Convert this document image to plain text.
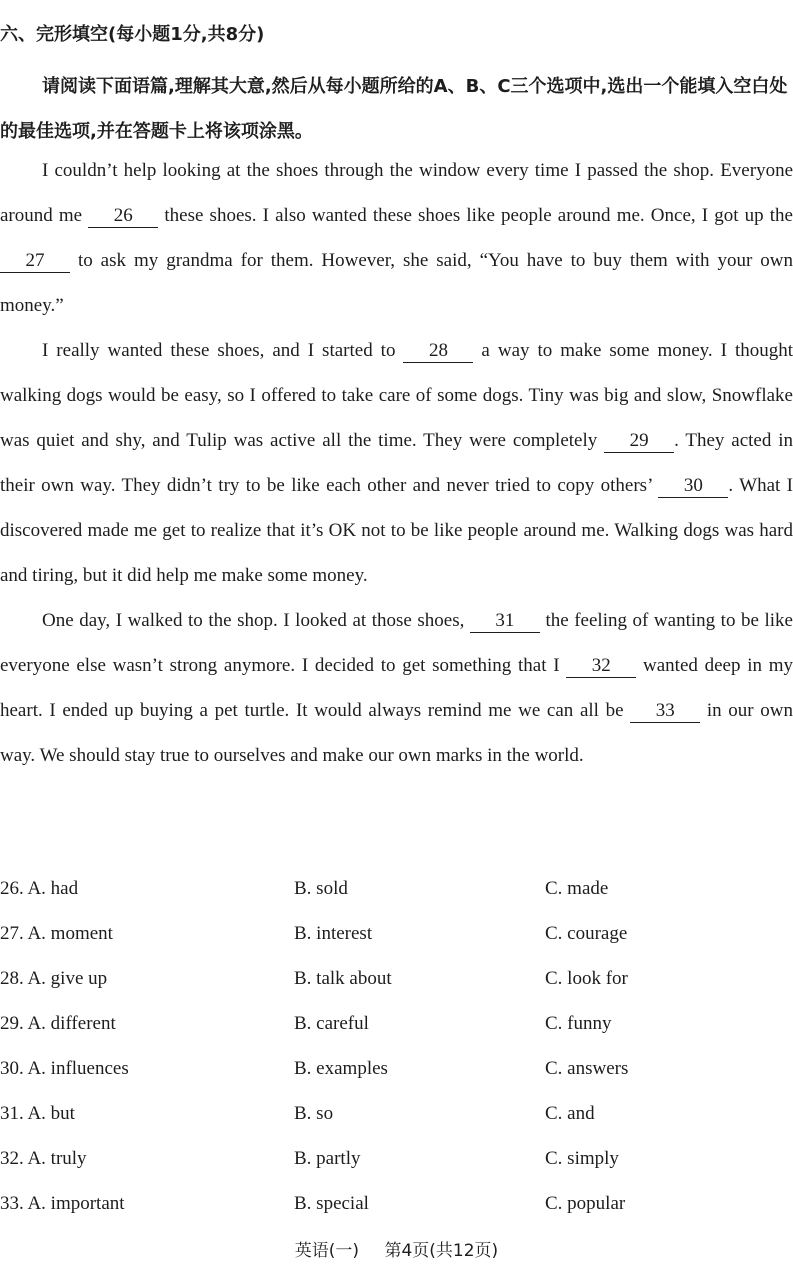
六、完形填空(每小题1分,共8分)
请阅读下面语篇,理解其大意,然后从每小题所给的A、B、C三个选项中,选出一个能填入空白处的最佳选项,并在答题卡上将该项涂黑。

I couldn’t help looking at the shoes through the window every time I passed the shop. Everyone around me 26 these shoes. I also wanted these shoes like people around me. Once, I got up the 27 to ask my grandma for them. However, she said, “You have to buy them with your own money.”

I really wanted these shoes, and I started to 28 a way to make some money. I thought walking dogs would be easy, so I offered to take care of some dogs. Tiny was big and slow, Snowflake was quiet and shy, and Tulip was active all the time. They were completely 29 . They acted in their own way. They didn’t try to be like each other and never tried to copy others’ 30 . What I discovered made me get to realize that it’s OK not to be like people around me. Walking dogs was hard and tiring, but it did help me make some money.

One day, I walked to the shop. I looked at those shoes, 31 the feeling of wanting to be like everyone else wasn’t strong anymore. I decided to get something that I 32 wanted deep in my heart. I ended up buying a pet turtle. It would always remind me we can all be 33 in our own way. We should stay true to ourselves and make our own marks in the world.

26. A. had	B. sold	C. made
27. A. moment	B. interest	C. courage
28. A. give up	B. talk about	C. look for
29. A. different	B. careful	C. funny
30. A. influences	B. examples	C. answers
31. A. but	B. so	C. and
32. A. truly	B. partly	C. simply
33. A. important	B. special	C. popular
英语(一) 第4页(共12页)
